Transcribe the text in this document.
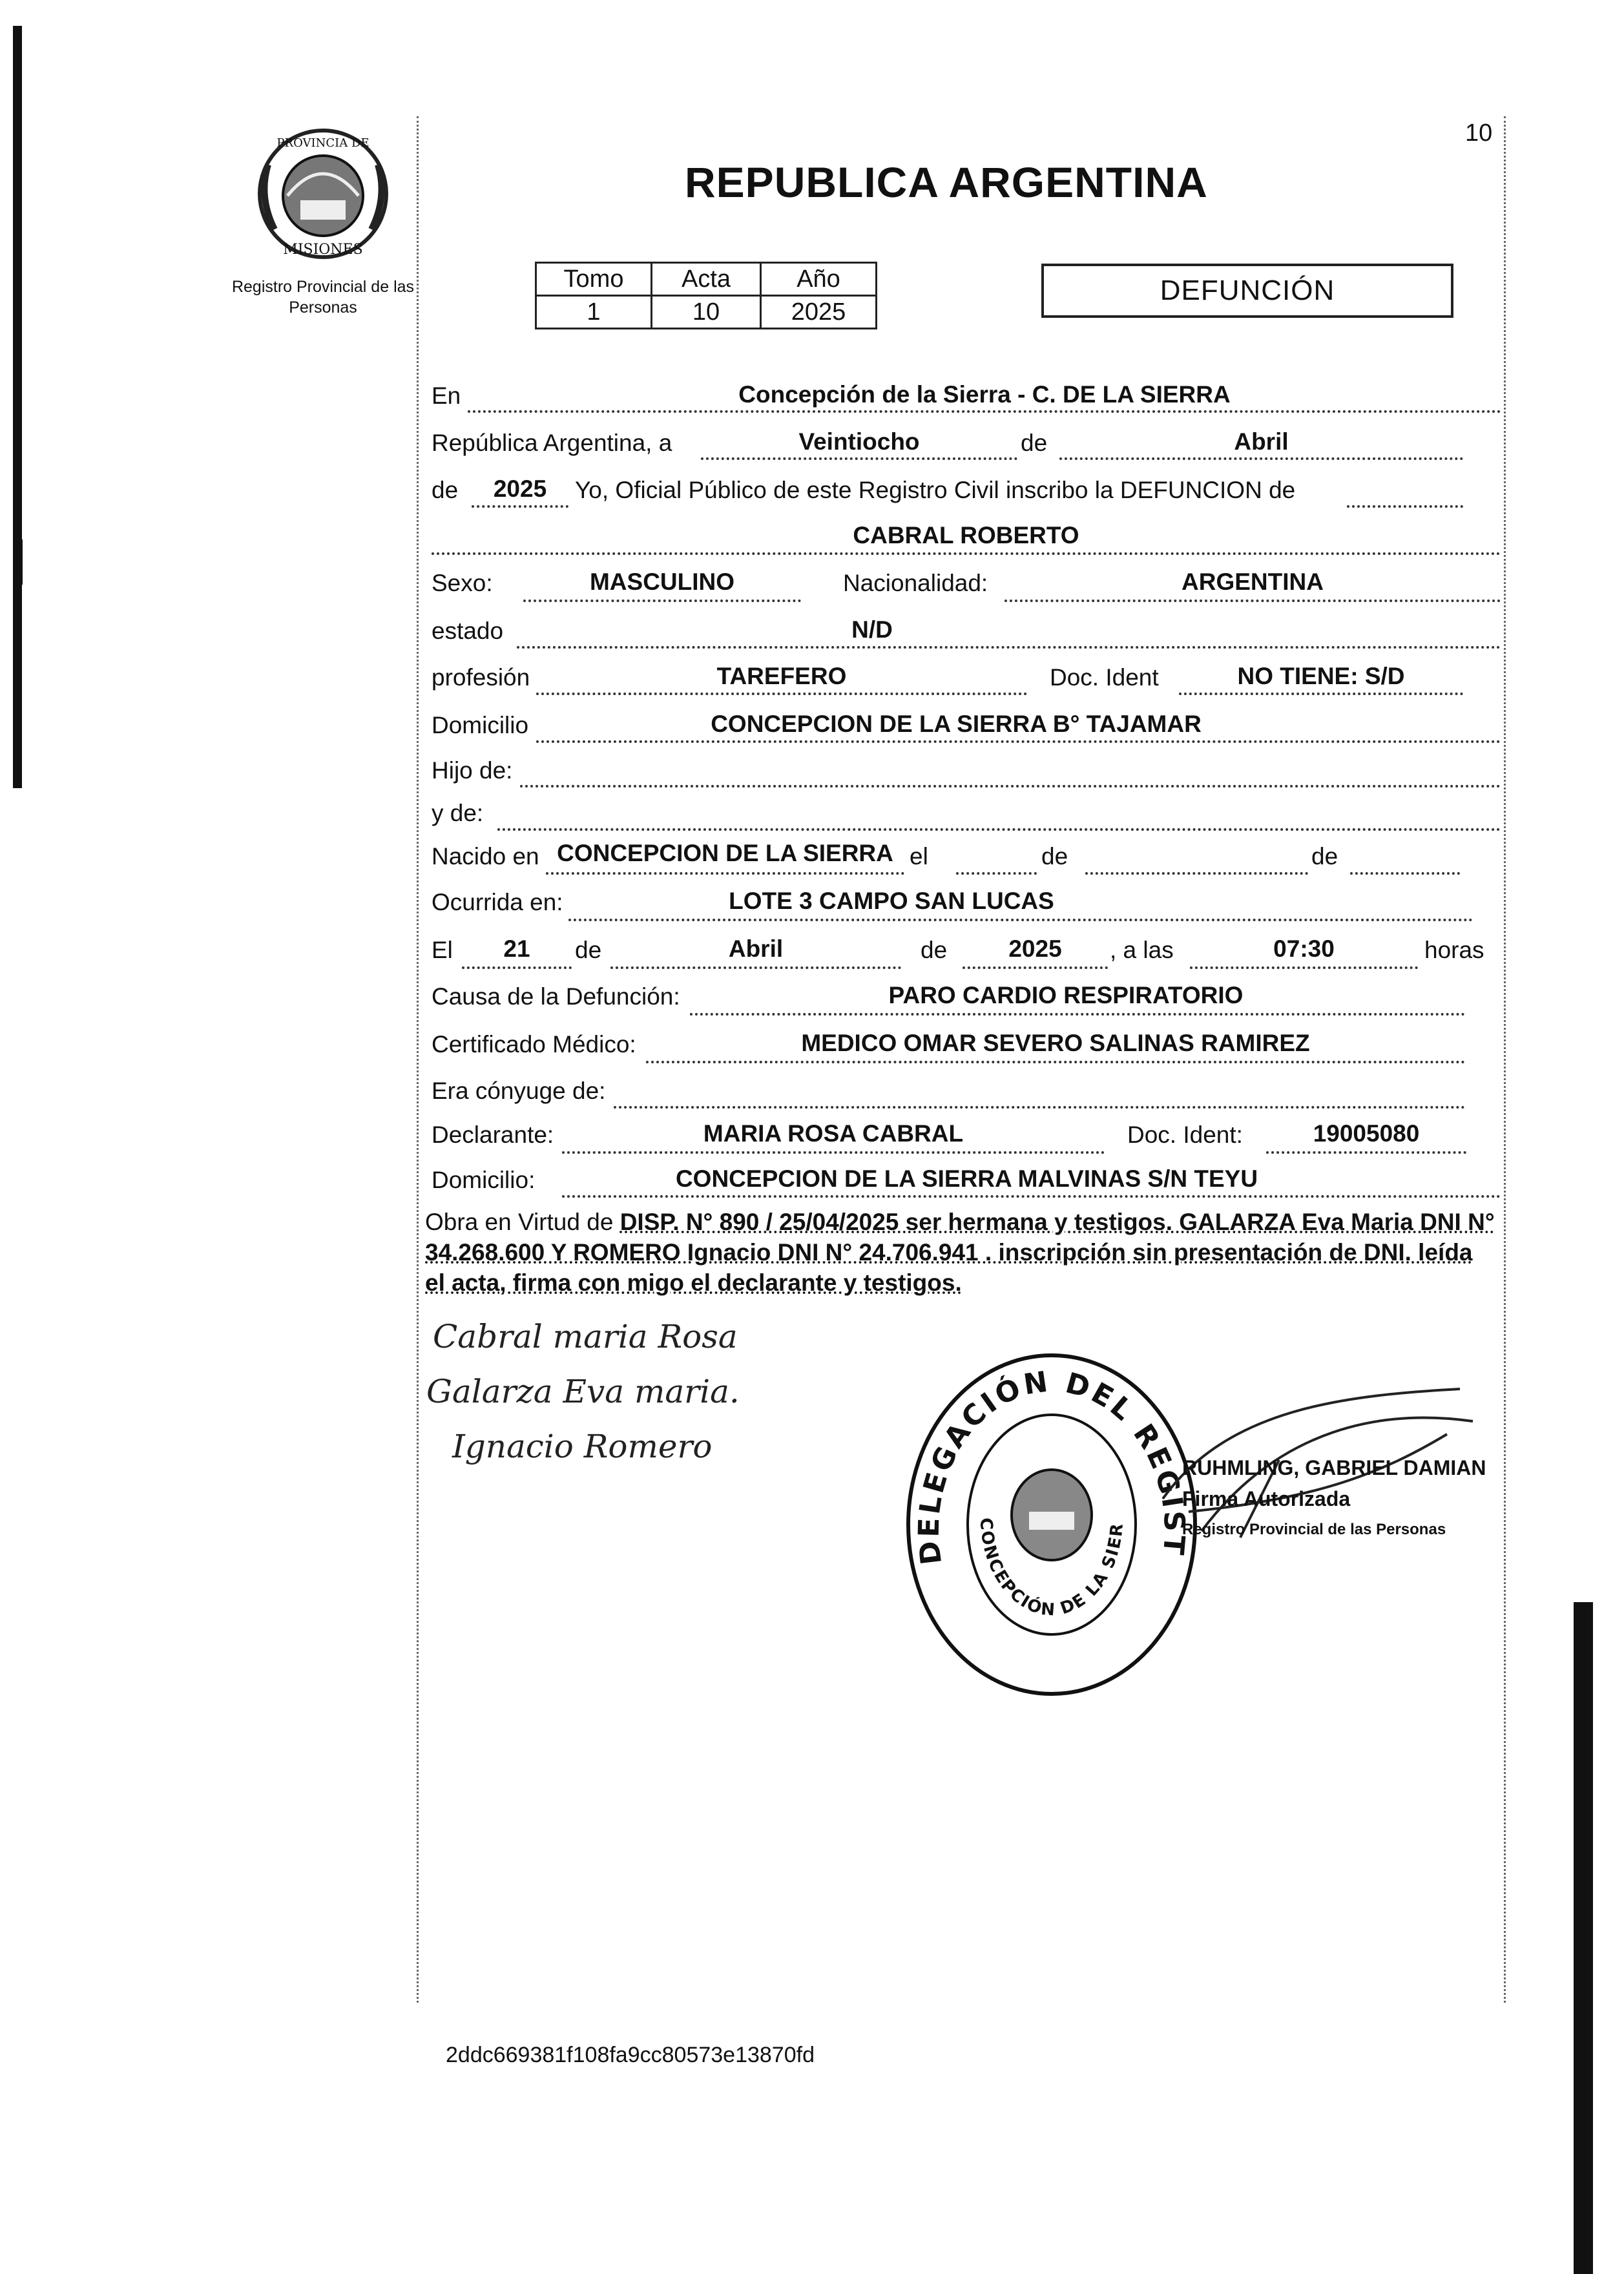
10
PROVINCIA DE
MISIONES
Registro Provincial de las Personas
REPUBLICA ARGENTINA
Tomo	Acta	Año
1	10	2025
DEFUNCIÓN
En	Concepción de la Sierra - C. DE LA SIERRA
República Argentina, a	Veintiocho	de	Abril
de	2025	Yo, Oficial Público de este Registro Civil inscribo la DEFUNCION de
CABRAL ROBERTO
Sexo:	MASCULINO	Nacionalidad:	ARGENTINA
estado	N/D
profesión	TAREFERO	Doc. Ident	NO TIENE: S/D
Domicilio	CONCEPCION DE LA SIERRA B° TAJAMAR
Hijo de:
y de:
Nacido en CONCEPCION DE LA SIERRA el	de	de
Ocurrida en:	LOTE 3 CAMPO SAN LUCAS
El	21	de	Abril	de	2025	, a las	07:30	horas
Causa de la Defunción:	PARO CARDIO RESPIRATORIO
Certificado Médico:	MEDICO OMAR SEVERO SALINAS RAMIREZ
Era cónyuge de:
Declarante:	MARIA ROSA CABRAL	Doc. Ident:	19005080
Domicilio:	CONCEPCION DE LA SIERRA MALVINAS S/N TEYU
Obra en Virtud de DISP. N° 890 / 25/04/2025 ser hermana y testigos. GALARZA Eva Maria DNI N° 34.268.600 Y ROMERO Ignacio DNI N° 24.706.941 . inscripción sin presentación de DNI. leída el acta, firma con migo el declarante y testigos.
Cabral maria Rosa
Galarza Eva maria.
Ignacio Romero
DELEGACIÓN DEL REGIST
CONCEPCIÓN DE LA SIER
RUHMLING, GABRIEL DAMIAN
Firma Autorizada
Registro Provincial de las Personas
2ddc669381f108fa9cc80573e13870fd
